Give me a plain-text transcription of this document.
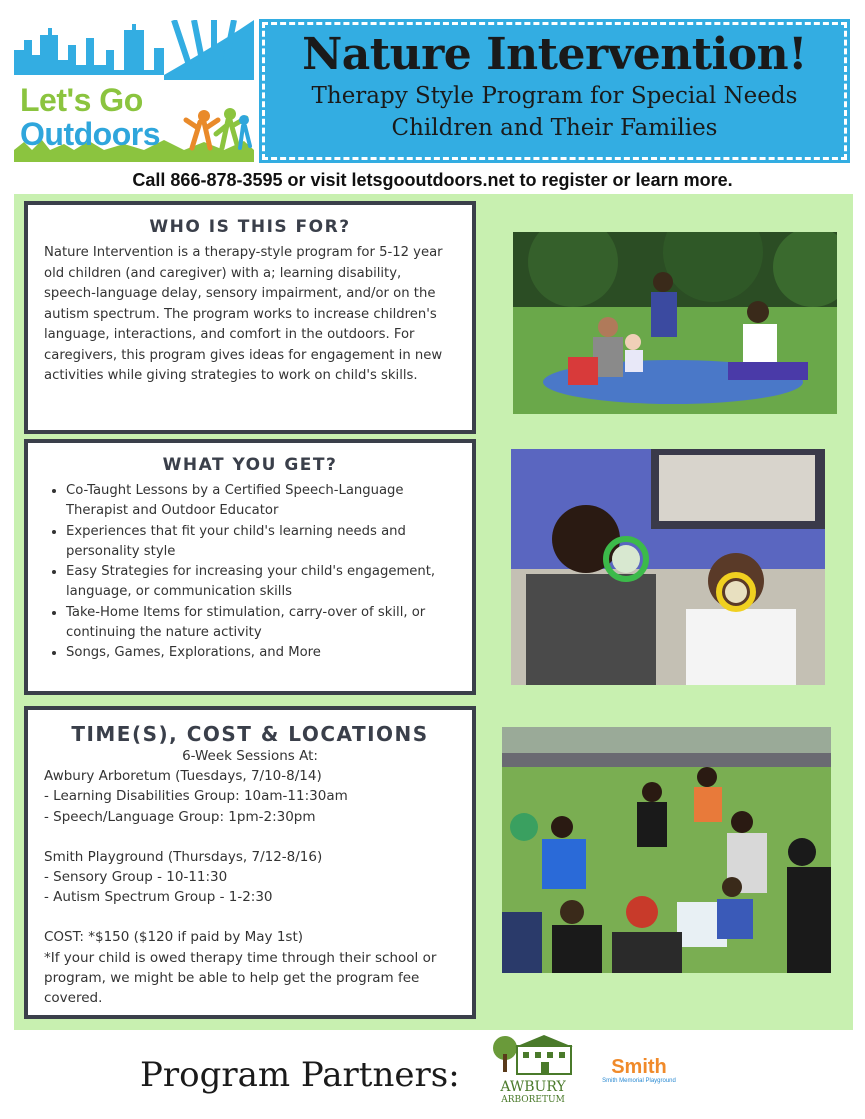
Let's Go
Outdoors
Nature Intervention!
Therapy Style Program for Special Needs
Children and Their Families
Call 866-878-3595 or visit letsgooutdoors.net to register or learn more.
WHO IS THIS FOR?

Nature Intervention is a therapy-style program for 5-12 year old children (and caregiver) with a; learning disability, speech-language delay, sensory impairment, and/or on the autism spectrum. The program works to increase children's language, interactions, and comfort in the outdoors. For caregivers, this program gives ideas for engagement in new activities while giving strategies to work on child's skills.

WHAT YOU GET?
• Co-Taught Lessons by a Certified Speech-Language Therapist and Outdoor Educator
• Experiences that fit your child's learning needs and personality style
• Easy Strategies for increasing your child's engagement, language, or communication skills
• Take-Home Items for stimulation, carry-over of skill, or continuing the nature activity
• Songs, Games, Explorations, and More
TIME(S), COST & LOCATIONS
6-Week Sessions At:
Awbury Arboretum (Tuesdays, 7/10-8/14)
- Learning Disabilities Group: 10am-11:30am
- Speech/Language Group: 1pm-2:30pm
Smith Playground (Thursdays, 7/12-8/16)
- Sensory Group - 10-11:30
- Autism Spectrum Group - 1-2:30
COST: *$150 ($120 if paid by May 1st)
*If your child is owed therapy time through their school or program, we might be able to help get the program fee covered.
Program Partners:	AWBURY
ARBORETUM
Smith
Smith Memorial Playground
